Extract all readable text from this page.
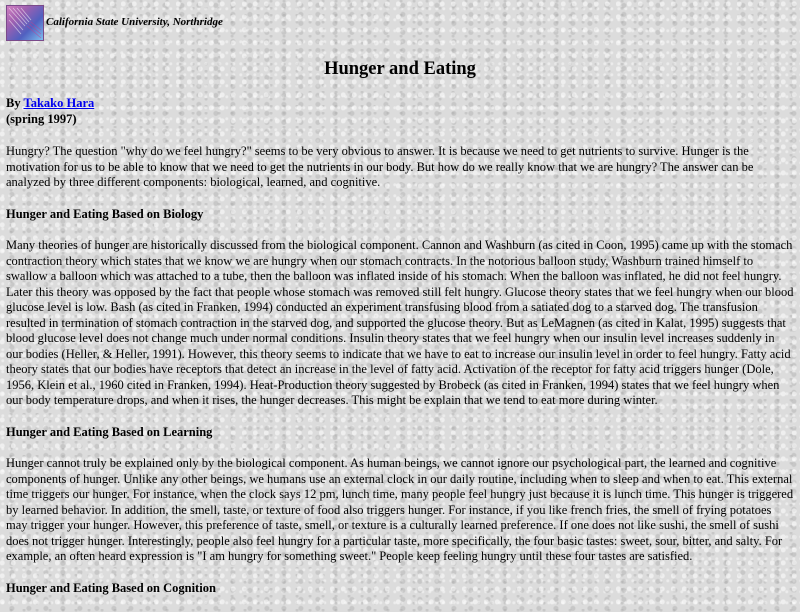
California State University, Northridge
Hunger and Eating
By Takako Hara
(spring 1997)

Hungry? The question "why do we feel hungry?" seems to be very obvious to answer. It is because we need to get nutrients to survive. Hunger is the motivation for us to be able to know that we need to get the nutrients in our body. But how do we really know that we are hungry? The answer can be analyzed by three different components: biological, learned, and cognitive.

Hunger and Eating Based on Biology

Many theories of hunger are historically discussed from the biological component. Cannon and Washburn (as cited in Coon, 1995) came up with the stomach contraction theory which states that we know we are hungry when our stomach contracts. In the notorious balloon study, Washburn trained himself to swallow a balloon which was attached to a tube, then the balloon was inflated inside of his stomach. When the balloon was inflated, he did not feel hungry. Later this theory was opposed by the fact that people whose stomach was removed still felt hungry. Glucose theory states that we feel hungry when our blood glucose level is low. Bash (as cited in Franken, 1994) conducted an experiment transfusing blood from a satiated dog to a starved dog. The transfusion resulted in termination of stomach contraction in the starved dog, and supported the glucose theory. But as LeMagnen (as cited in Kalat, 1995) suggests that blood glucose level does not change much under normal conditions. Insulin theory states that we feel hungry when our insulin level increases suddenly in our bodies (Heller, & Heller, 1991). However, this theory seems to indicate that we have to eat to increase our insulin level in order to feel hungry. Fatty acid theory states that our bodies have receptors that detect an increase in the level of fatty acid. Activation of the receptor for fatty acid triggers hunger (Dole, 1956, Klein et al., 1960 cited in Franken, 1994). Heat-Production theory suggested by Brobeck (as cited in Franken, 1994) states that we feel hungry when our body temperature drops, and when it rises, the hunger decreases. This might be explain that we tend to eat more during winter.

Hunger and Eating Based on Learning

Hunger cannot truly be explained only by the biological component. As human beings, we cannot ignore our psychological part, the learned and cognitive components of hunger. Unlike any other beings, we humans use an external clock in our daily routine, including when to sleep and when to eat. This external time triggers our hunger. For instance, when the clock says 12 pm, lunch time, many people feel hungry just because it is lunch time. This hunger is triggered by learned behavior. In addition, the smell, taste, or texture of food also triggers hunger. For instance, if you like french fries, the smell of frying potatoes may trigger your hunger. However, this preference of taste, smell, or texture is a culturally learned preference. If one does not like sushi, the smell of sushi does not trigger hunger. Interestingly, people also feel hungry for a particular taste, more specifically, the four basic tastes: sweet, sour, bitter, and salty. For example, an often heard expression is "I am hungry for something sweet." People keep feeling hungry until these four tastes are satisfied.

Hunger and Eating Based on Cognition
